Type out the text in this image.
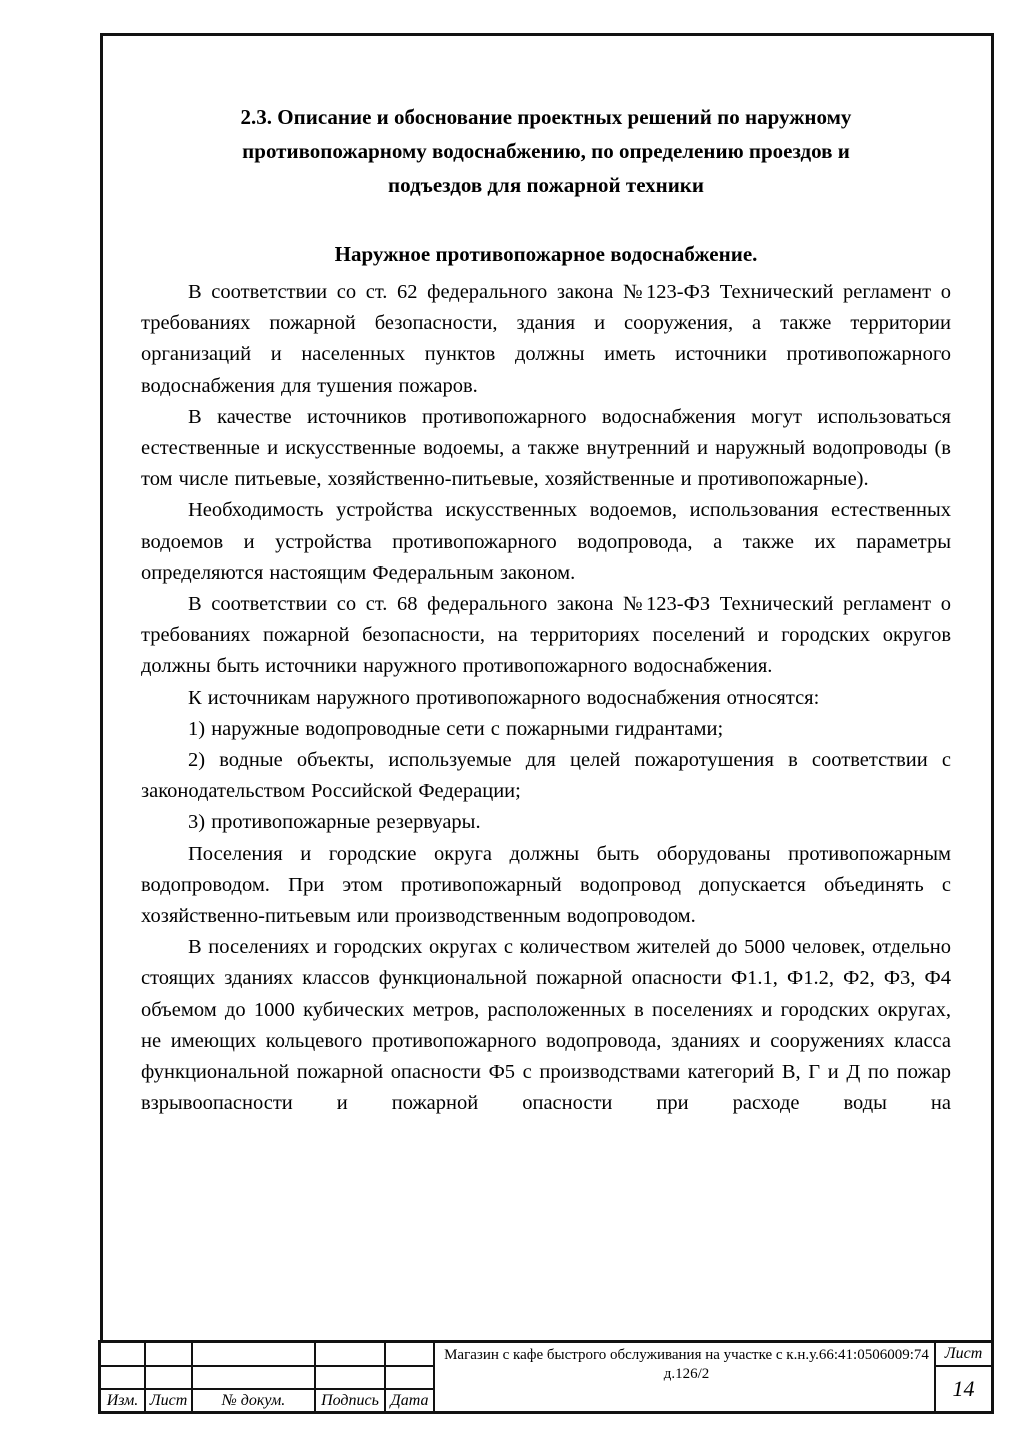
2.3. Описание и обоснование проектных решений по наружному
противопожарному водоснабжению, по определению проездов и
подъездов для пожарной техники
Наружное противопожарное водоснабжение.

В соответствии со ст. 62 федерального закона №123-ФЗ Технический регламент о требованиях пожарной безопасности, здания и сооружения, а также территории организаций и населенных пунктов должны иметь источники противопожарного водоснабжения для тушения пожаров.

В качестве источников противопожарного водоснабжения могут использоваться естественные и искусственные водоемы, а также внутренний и наружный водопроводы (в том числе питьевые, хозяйственно-питьевые, хозяйственные и противопожарные).

Необходимость устройства искусственных водоемов, использования естественных водоемов и устройства противопожарного водопровода, а также их параметры определяются настоящим Федеральным законом.

В соответствии со ст. 68 федерального закона №123-ФЗ Технический регламент о требованиях пожарной безопасности, на территориях поселений и городских округов должны быть источники наружного противопожарного водоснабжения.

К источникам наружного противопожарного водоснабжения относятся:

1) наружные водопроводные сети с пожарными гидрантами;

2) водные объекты, используемые для целей пожаротушения в соответствии с законодательством Российской Федерации;

3) противопожарные резервуары.

Поселения и городские округа должны быть оборудованы противопожарным водопроводом. При этом противопожарный водопровод допускается объединять с хозяйственно-питьевым или производственным водопроводом.

В поселениях и городских округах с количеством жителей до 5000 человек, отдельно стоящих зданиях классов функциональной пожарной опасности Ф1.1, Ф1.2, Ф2, Ф3, Ф4 объемом до 1000 кубических метров, расположенных в поселениях и городских округах, не имеющих кольцевого противопожарного водопровода, зданиях и сооружениях класса функциональной пожарной опасности Ф5 с производствами категорий В, Г и Д по пожар взрывоопасности и пожарной опасности при расходе воды на

Изм. Лист	№ докум.	Подпись Дата
Магазин с кафе быстрого обслуживания на участке с к.н.у.66:41:0506009:74 д.126/2
Лист
14
